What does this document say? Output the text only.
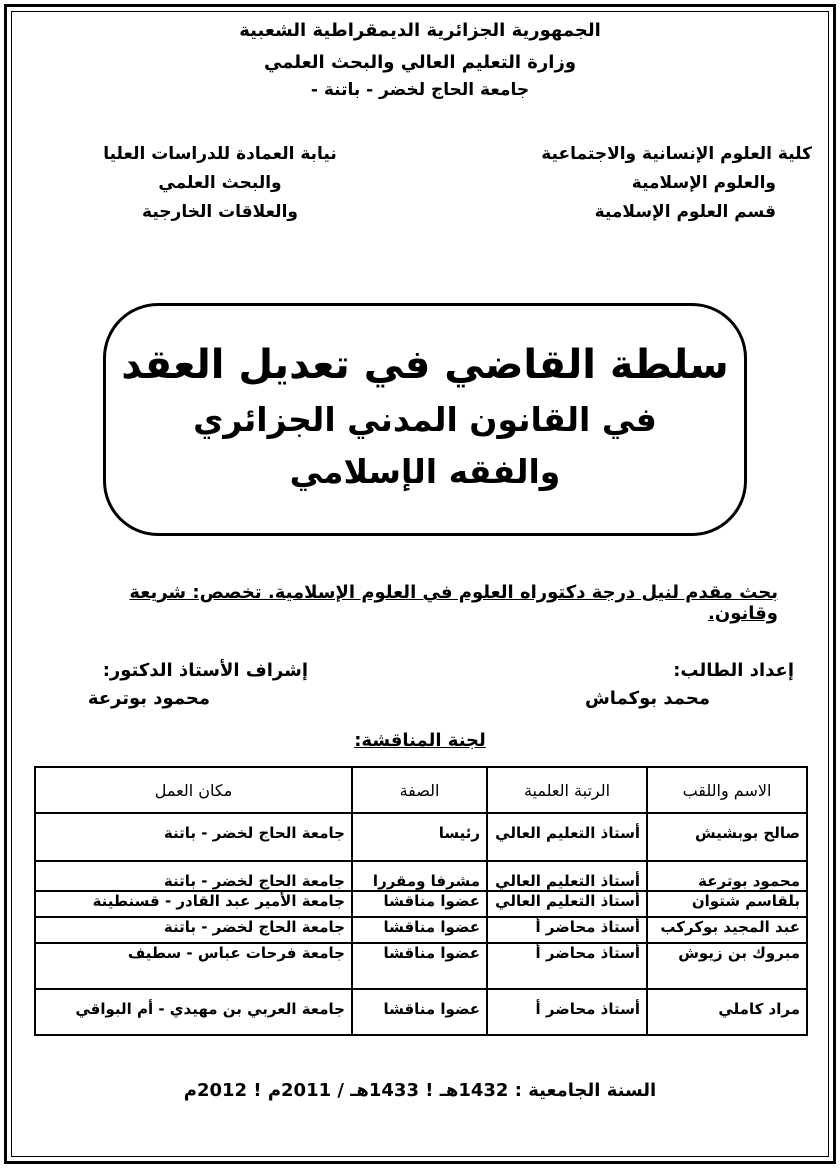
الجمهورية الجزائرية الديمقراطية الشعبية
وزارة التعليم العالي والبحث العلمي
جامعة الحاج لخضر - باتنة -
كلية العلوم الإنسانية والاجتماعية
والعلوم الإسلامية
قسم العلوم الإسلامية
نيابة العمادة للدراسات العليا
والبحث العلمي
والعلاقات الخارجية
سلطة القاضي في تعديل العقد
في القانون المدني الجزائري
والفقه الإسلامي
بحث مقدم لنيل درجة دكتوراه العلوم في العلوم الإسلامية. تخصص: شريعة وقانون.
إعداد الطالب:
محمد بوكماش
إشراف الأستاذ الدكتور:
محمود بوترعة
لجنة المناقشة:
الاسم واللقب	الرتبة العلمية	الصفة	مكان العمل
صالح بوبشيش	أستاذ التعليم العالي	رئيسا	جامعة الحاج لخضر - باتنة
محمود بوترعة	أستاذ التعليم العالي	مشرفا ومقررا	جامعة الحاج لخضر - باتنة
بلقاسم شتوان	أستاذ التعليم العالي	عضوا مناقشا	جامعة الأمير عبد القادر - قسنطينة
عبد المجيد بوكركب	أستاذ محاضر أ	عضوا مناقشا	جامعة الحاج لخضر - باتنة
مبروك بن زيوش	أستاذ محاضر أ	عضوا مناقشا	جامعة فرحات عباس - سطيف
مراد كاملي	أستاذ محاضر أ	عضوا مناقشا	جامعة العربي بن مهيدي - أم البواقي
السنة الجامعية : 1432هـ ! 1433هـ / 2011م ! 2012م
